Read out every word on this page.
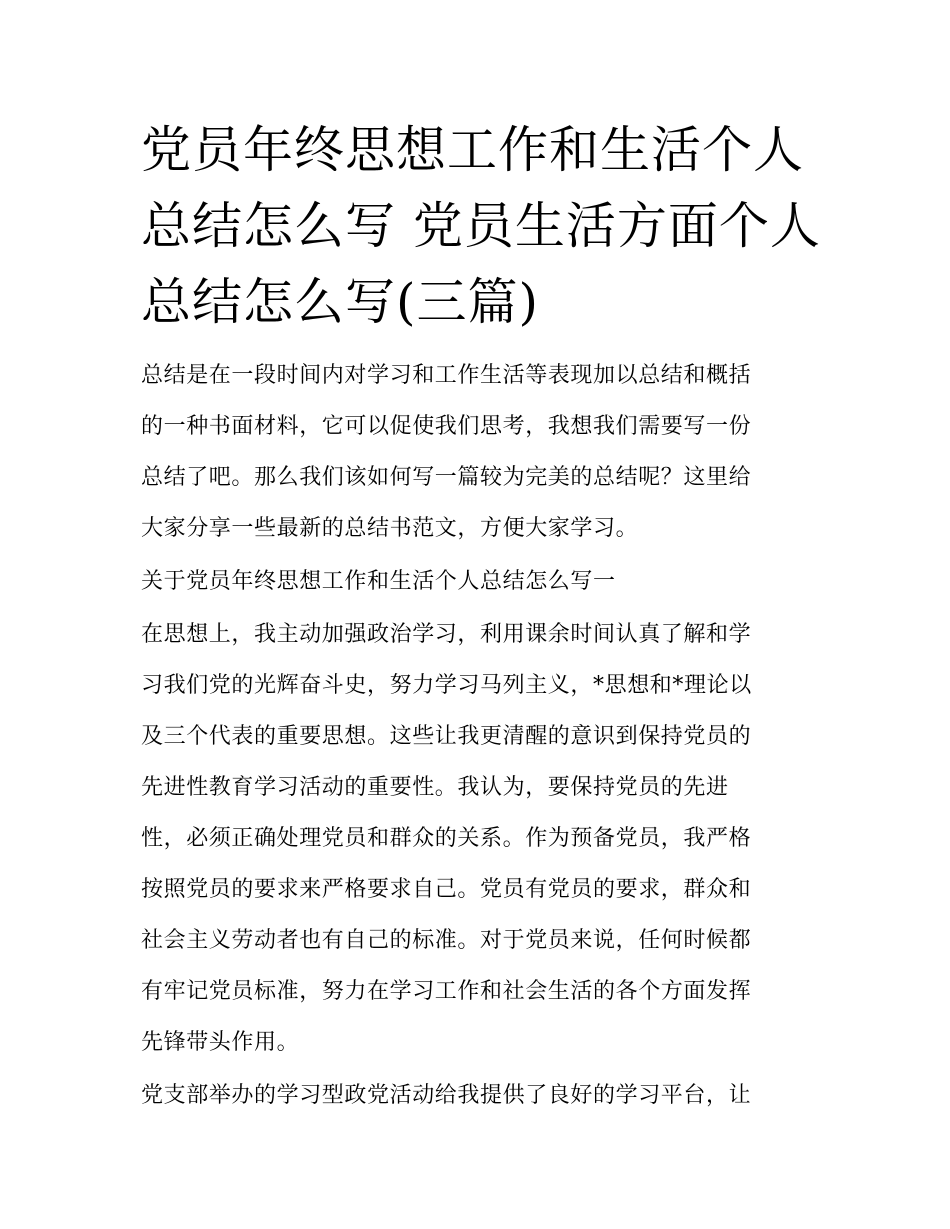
党员年终思想工作和生活个人
总结怎么写 党员生活方面个人
总结怎么写(三篇)

总结是在一段时间内对学习和工作生活等表现加以总结和概括
的一种书面材料，它可以促使我们思考，我想我们需要写一份
总结了吧。那么我们该如何写一篇较为完美的总结呢？这里给
大家分享一些最新的总结书范文，方便大家学习。

关于党员年终思想工作和生活个人总结怎么写一

在思想上，我主动加强政治学习，利用课余时间认真了解和学
习我们党的光辉奋斗史，努力学习马列主义，*思想和*理论以
及三个代表的重要思想。这些让我更清醒的意识到保持党员的
先进性教育学习活动的重要性。我认为，要保持党员的先进
性，必须正确处理党员和群众的关系。作为预备党员，我严格
按照党员的要求来严格要求自己。党员有党员的要求，群众和
社会主义劳动者也有自己的标准。对于党员来说，任何时候都
有牢记党员标准，努力在学习工作和社会生活的各个方面发挥
先锋带头作用。

党支部举办的学习型政党活动给我提供了良好的学习平台，让
